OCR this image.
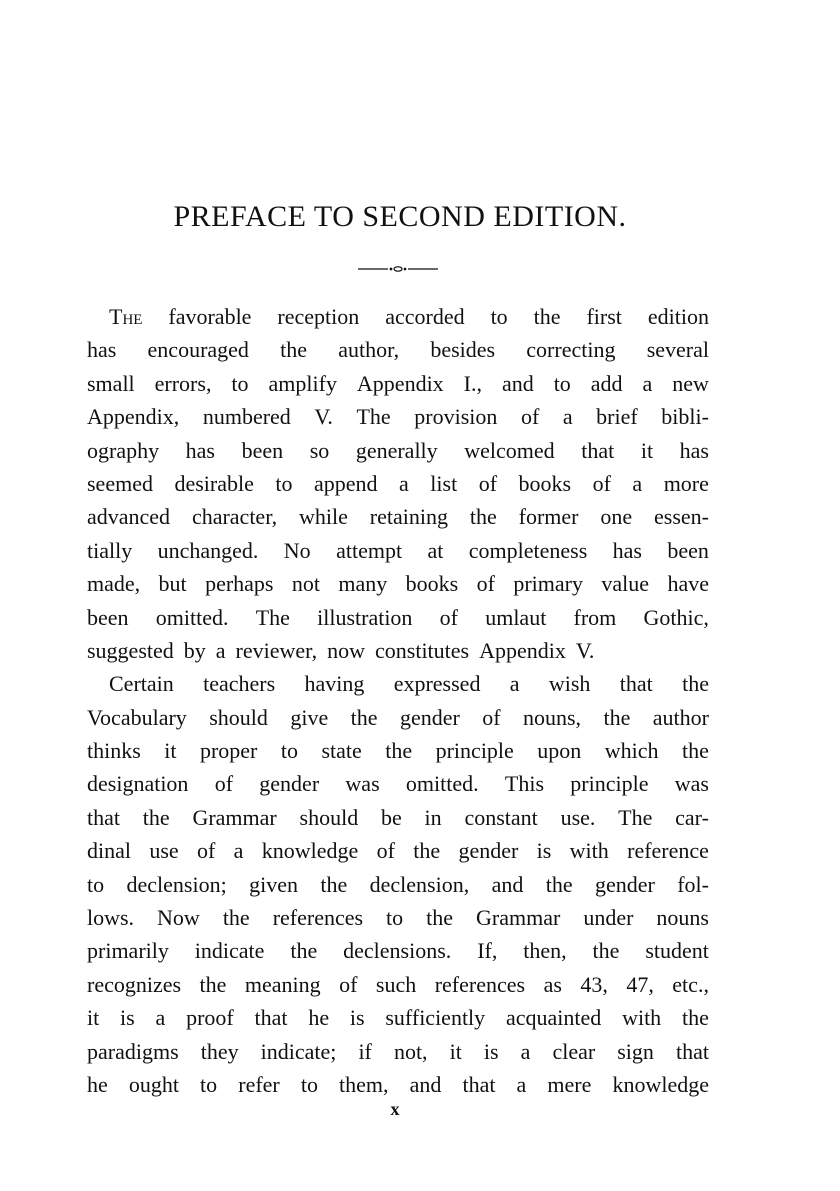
PREFACE TO SECOND EDITION.
The favorable reception accorded to the first edition
has encouraged the author, besides correcting several
small errors, to amplify Appendix I., and to add a new
Appendix, numbered V. The provision of a brief bibli-
ography has been so generally welcomed that it has
seemed desirable to append a list of books of a more
advanced character, while retaining the former one essen-
tially unchanged. No attempt at completeness has been
made, but perhaps not many books of primary value have
been omitted. The illustration of umlaut from Gothic,
suggested by a reviewer, now constitutes Appendix V.
Certain teachers having expressed a wish that the
Vocabulary should give the gender of nouns, the author
thinks it proper to state the principle upon which the
designation of gender was omitted. This principle was
that the Grammar should be in constant use. The car-
dinal use of a knowledge of the gender is with reference
to declension; given the declension, and the gender fol-
lows. Now the references to the Grammar under nouns
primarily indicate the declensions. If, then, the student
recognizes the meaning of such references as 43, 47, etc.,
it is a proof that he is sufficiently acquainted with the
paradigms they indicate; if not, it is a clear sign that
he ought to refer to them, and that a mere knowledge
x
